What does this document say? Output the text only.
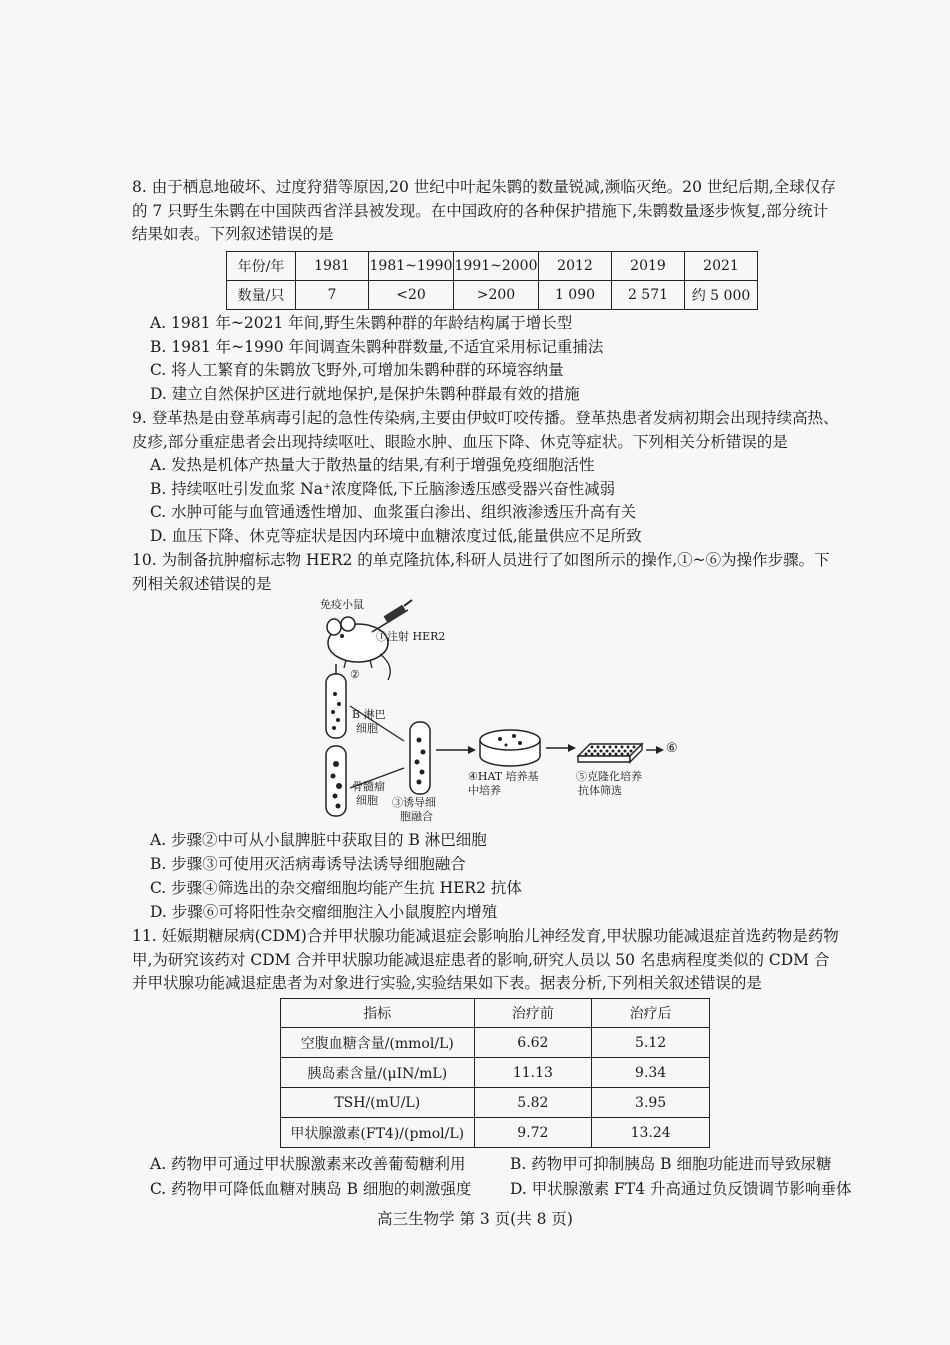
8. 由于栖息地破坏、过度狩猎等原因,20 世纪中叶起朱鹮的数量锐减,濒临灭绝。20 世纪后期,全球仅存的 7 只野生朱鹮在中国陕西省洋县被发现。在中国政府的各种保护措施下,朱鹮数量逐步恢复,部分统计结果如表。下列叙述错误的是

年份/年	1981	1981~1990	1991~2000	2012	2019	2021
数量/只	7	<20	>200	1 090	2 571	约 5 000
A. 1981 年~2021 年间,野生朱鹮种群的年龄结构属于增长型
B. 1981 年~1990 年间调查朱鹮种群数量,不适宜采用标记重捕法
C. 将人工繁育的朱鹮放飞野外,可增加朱鹮种群的环境容纳量
D. 建立自然保护区进行就地保护,是保护朱鹮种群最有效的措施

9. 登革热是由登革病毒引起的急性传染病,主要由伊蚊叮咬传播。登革热患者发病初期会出现持续高热、皮疹,部分重症患者会出现持续呕吐、眼睑水肿、血压下降、休克等症状。下列相关分析错误的是

A. 发热是机体产热量大于散热量的结果,有利于增强免疫细胞活性
B. 持续呕吐引发血浆 Na⁺浓度降低,下丘脑渗透压感受器兴奋性减弱
C. 水肿可能与血管通透性增加、血浆蛋白渗出、组织液渗透压升高有关
D. 血压下降、休克等症状是因内环境中血糖浓度过低,能量供应不足所致

10. 为制备抗肿瘤标志物 HER2 的单克隆抗体,科研人员进行了如图所示的操作,①~⑥为操作步骤。下列相关叙述错误的是

免疫小鼠
①注射 HER2
②
B 淋巴
细胞
骨髓瘤
细胞 ③诱导细
胞融合
④HAT 培养基
中培养
⑤克隆化培养
抗体筛选
⑥
A. 步骤②中可从小鼠脾脏中获取目的 B 淋巴细胞
B. 步骤③可使用灭活病毒诱导法诱导细胞融合
C. 步骤④筛选出的杂交瘤细胞均能产生抗 HER2 抗体
D. 步骤⑥可将阳性杂交瘤细胞注入小鼠腹腔内增殖

11. 妊娠期糖尿病(CDM)合并甲状腺功能减退症会影响胎儿神经发育,甲状腺功能减退症首选药物是药物甲,为研究该药对 CDM 合并甲状腺功能减退症患者的影响,研究人员以 50 名患病程度类似的 CDM 合并甲状腺功能减退症患者为对象进行实验,实验结果如下表。据表分析,下列相关叙述错误的是

指标	治疗前	治疗后
空腹血糖含量/(mmol/L)	6.62	5.12
胰岛素含量/(μIN/mL)	11.13	9.34
TSH/(mU/L)	5.82	3.95
甲状腺激素(FT4)/(pmol/L)	9.72	13.24
A. 药物甲可通过甲状腺激素来改善葡萄糖利用	B. 药物甲可抑制胰岛 B 细胞功能进而导致尿糖
C. 药物甲可降低血糖对胰岛 B 细胞的刺激强度 D. 甲状腺激素 FT4 升高通过负反馈调节影响垂体
高三生物学 第 3 页(共 8 页)
